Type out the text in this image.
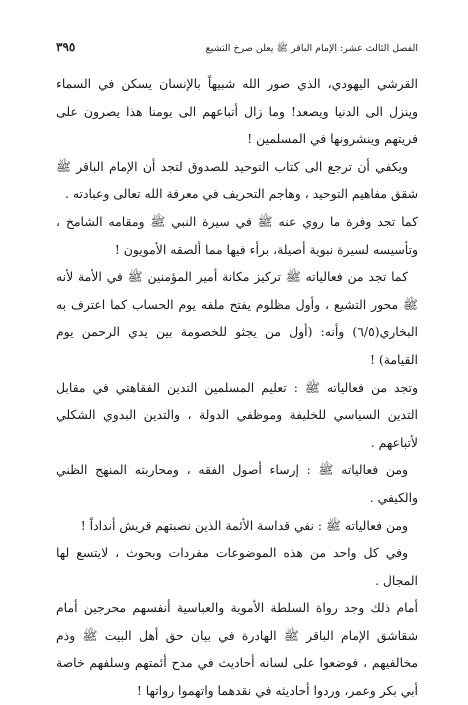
الفصل الثالث عشر: الإمام الباقر ﷺ يعلن صرخ التشيع
٣٩٥

القرشي اليهودي، الذي صور الله شبيهاً بالإنسان يسكن في السماء وينزل الى الدنيا ويصعد! وما زال أتباعهم الى يومنا هذا يصرون على فريتهم وينشرونها في المسلمين !

ويكفي أن ترجع الى كتاب التوحيد للصدوق لتجد أن الإمام الباقر ﷺ شقق مفاهيم التوحيد ، وهاجم التحريف في معرفة الله تعالى وعبادته .

كما تجد وفرة ما روي عنه ﷺ في سيرة النبي ﷺ ومقامه الشامخ ، وتأسيسه لسيرة نبوية أصيلة، برأء فيها مما ألصقه الأمويون !

كما تجد من فعالياته ﷺ تركيز مكانة أمير المؤمنين ﷺ في الأمة لأنه ﷺ محور التشيع ، وأول مظلوم يفتح ملفه يوم الحساب كما اعترف به البخاري(٦/٥) وأنه: (أول من يجثو للخصومة بين يدي الرحمن يوم القيامة) !

وتجد من فعالياته ﷺ : تعليم المسلمين التدين الفقاهتي في مقابل التدين السياسي للخليفة وموظفي الدولة ، والتدين البدوي الشكلي لأتباعهم .

ومن فعالياته ﷺ : إرساء أصول الفقه ، ومحاربته المنهج الظني والكيفي .

ومن فعالياته ﷺ : نفي قداسة الأئمة الذين نصبتهم قريش أنداداً !

وفي كل واحد من هذه الموضوعات مفردات وبحوث ، لايتسع لها المجال .

أمام ذلك وجد رواة السلطة الأموية والعباسية أنفسهم محرجين أمام شقاشق الإمام الباقر ﷺ الهادرة في بيان حق أهل البيت ﷺ وذم مخالفيهم ، فوضعوا على لسانه أحاديث في مدح أئمتهم وسلفهم خاصة أبي بكر وعمر، وردوا أحاديثه في نقدهما واتهموا رواتها !
